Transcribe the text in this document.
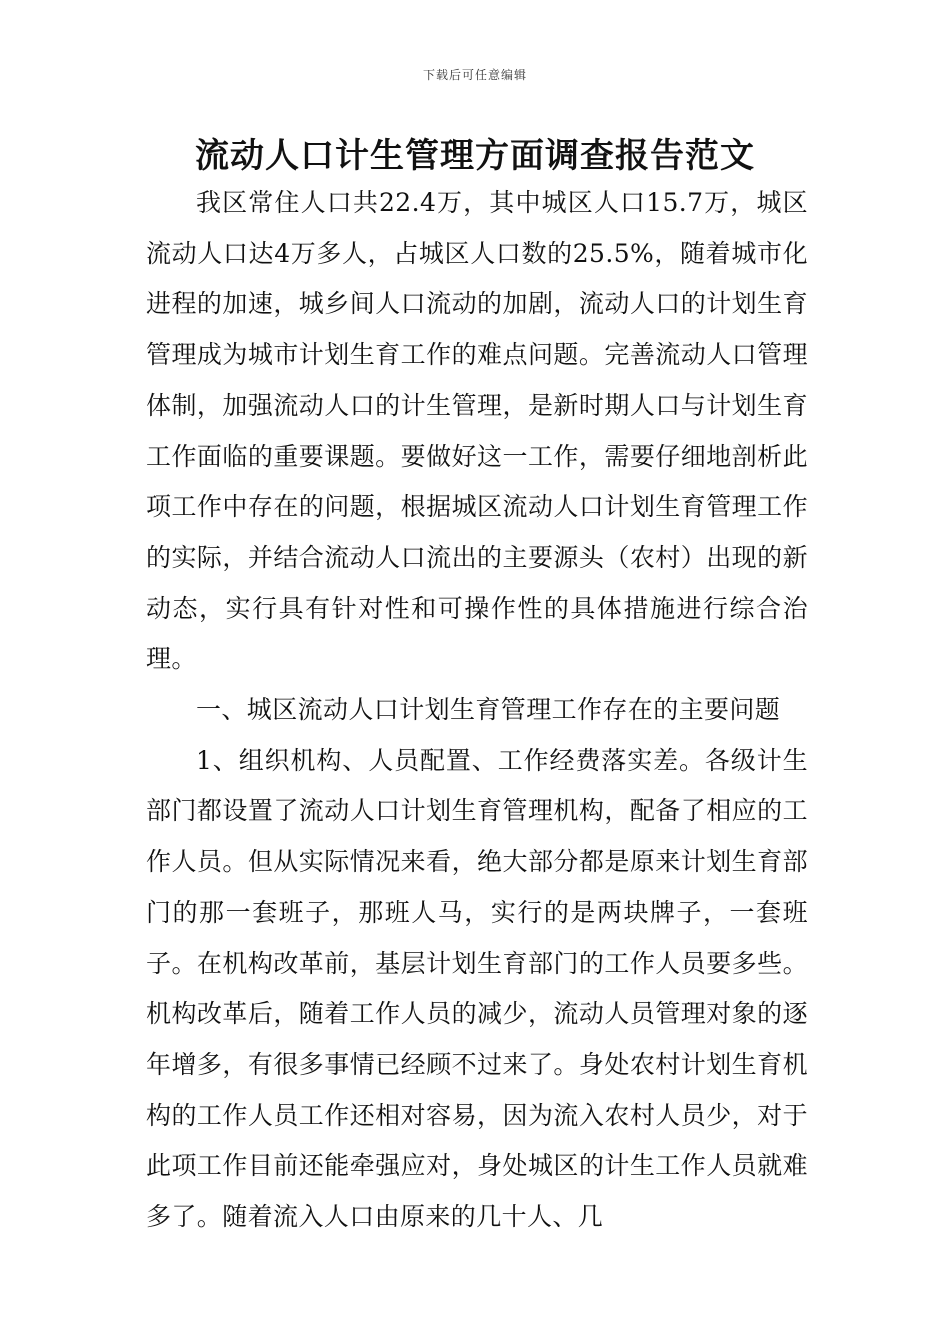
下载后可任意编辑
流动人口计生管理方面调查报告范文

我区常住人口共22.4万，其中城区人口15.7万，城区流动人口达4万多人，占城区人口数的25.5%，随着城市化进程的加速，城乡间人口流动的加剧，流动人口的计划生育管理成为城市计划生育工作的难点问题。完善流动人口管理体制，加强流动人口的计生管理，是新时期人口与计划生育工作面临的重要课题。要做好这一工作，需要仔细地剖析此项工作中存在的问题，根据城区流动人口计划生育管理工作的实际，并结合流动人口流出的主要源头（农村）出现的新动态，实行具有针对性和可操作性的具体措施进行综合治理。

一、城区流动人口计划生育管理工作存在的主要问题

1、组织机构、人员配置、工作经费落实差。各级计生部门都设置了流动人口计划生育管理机构，配备了相应的工作人员。但从实际情况来看，绝大部分都是原来计划生育部门的那一套班子，那班人马，实行的是两块牌子，一套班子。在机构改革前，基层计划生育部门的工作人员要多些。机构改革后，随着工作人员的减少，流动人员管理对象的逐年增多，有很多事情已经顾不过来了。身处农村计划生育机构的工作人员工作还相对容易，因为流入农村人员少，对于此项工作目前还能牵强应对，身处城区的计生工作人员就难多了。随着流入人口由原来的几十人、几
